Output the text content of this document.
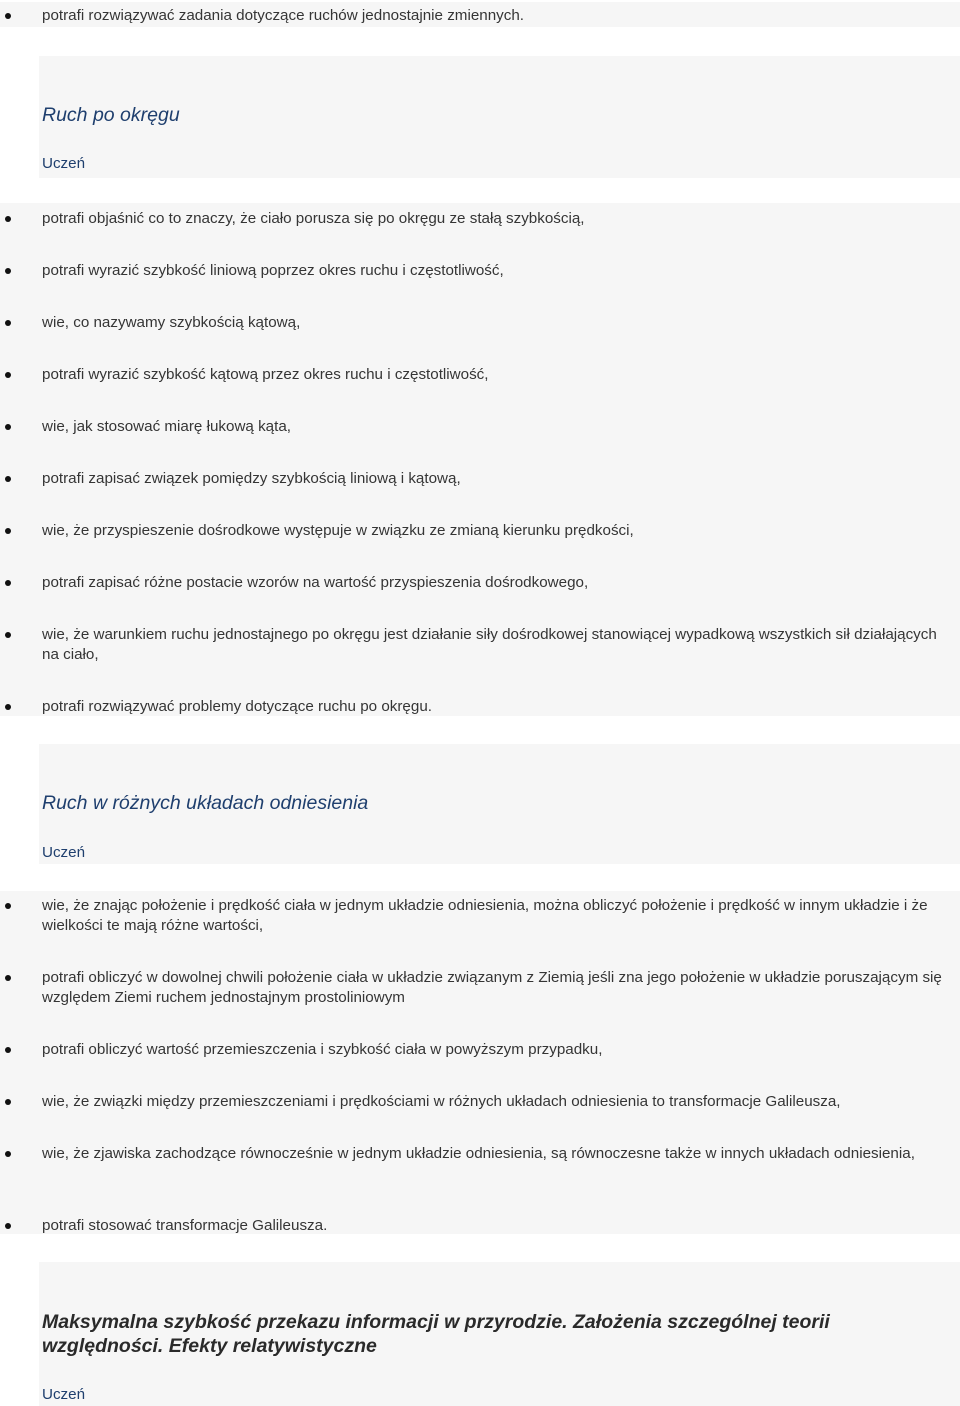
potrafi rozwiązywać zadania dotyczące ruchów jednostajnie zmiennych.
Ruch po okręgu
Uczeń
potrafi objaśnić co to znaczy, że ciało porusza się po okręgu ze stałą szybkością,
potrafi wyrazić szybkość liniową poprzez okres ruchu i częstotliwość,
wie, co nazywamy szybkością kątową,
potrafi wyrazić szybkość kątową przez okres ruchu i częstotliwość,
wie, jak stosować miarę łukową kąta,
potrafi zapisać związek pomiędzy szybkością liniową i kątową,
wie, że przyspieszenie dośrodkowe występuje w związku ze zmianą kierunku prędkości,
potrafi zapisać różne postacie wzorów na wartość przyspieszenia dośrodkowego,
wie, że warunkiem ruchu jednostajnego po okręgu jest działanie siły dośrodkowej stanowiącej wypadkową wszystkich sił działających na ciało,
potrafi rozwiązywać problemy dotyczące ruchu po okręgu.
Ruch w różnych układach odniesienia
Uczeń
wie, że znając położenie i prędkość ciała w jednym układzie odniesienia, można obliczyć położenie i prędkość w innym układzie i że wielkości te mają różne wartości,
potrafi obliczyć w dowolnej chwili położenie ciała w układzie związanym z Ziemią jeśli zna jego położenie w układzie poruszającym się względem Ziemi ruchem jednostajnym prostoliniowym
potrafi obliczyć wartość przemieszczenia i szybkość ciała w powyższym przypadku,
wie, że związki między przemieszczeniami i prędkościami w różnych układach odniesienia to transformacje Galileusza,
wie, że zjawiska zachodzące równocześnie w jednym układzie odniesienia, są równoczesne także w innych układach odniesienia,
potrafi stosować transformacje Galileusza.
Maksymalna szybkość przekazu informacji w przyrodzie. Założenia szczególnej teorii względności. Efekty relatywistyczne
Uczeń
